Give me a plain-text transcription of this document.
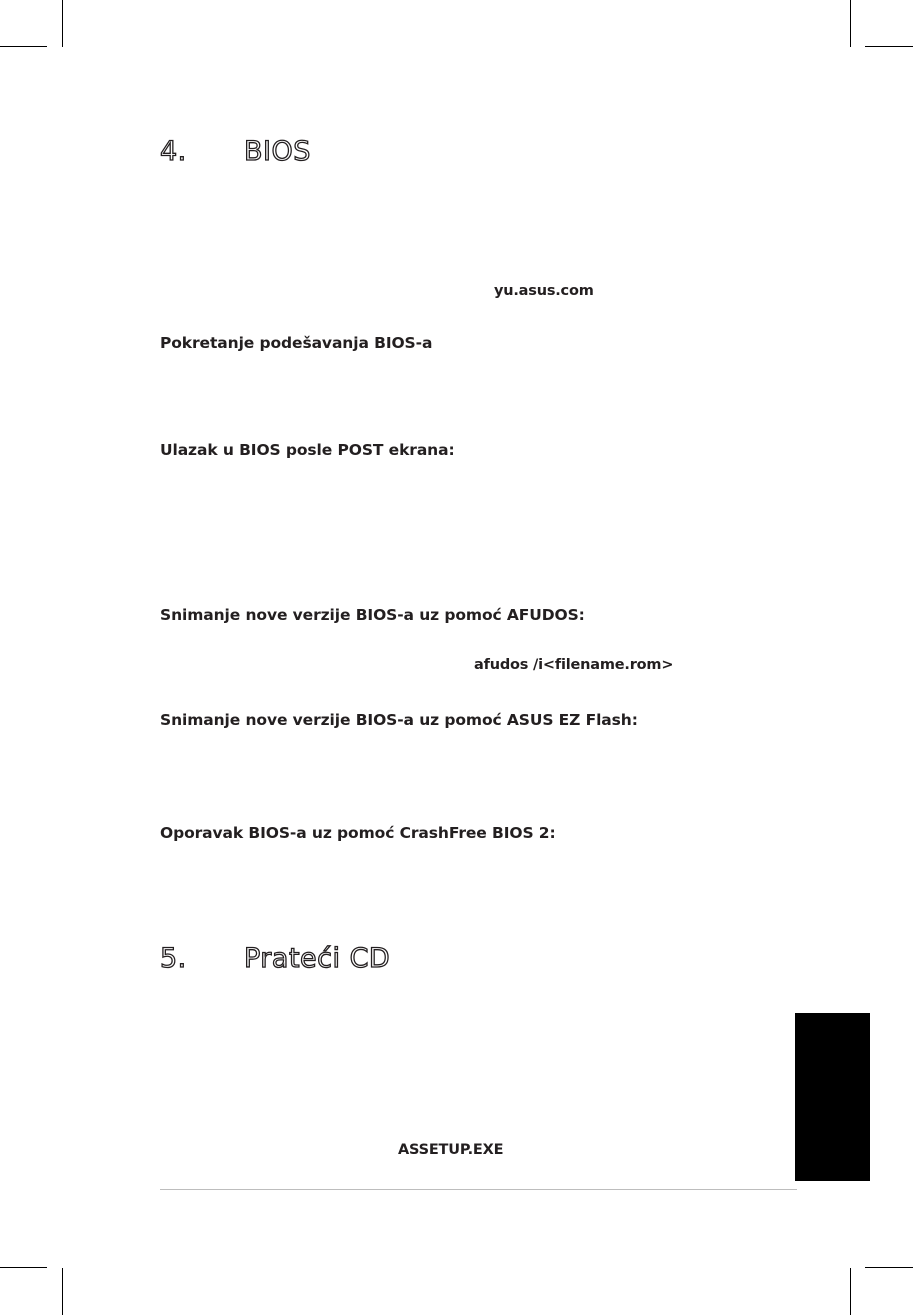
4. BIOS
yu.asus.com
Pokretanje podešavanja BIOS-a
Ulazak u BIOS posle POST ekrana:
Snimanje nove verzije BIOS-a uz pomoć AFUDOS:
afudos /i<filename.rom>
Snimanje nove verzije BIOS-a uz pomoć ASUS EZ Flash:
Oporavak BIOS-a uz pomoć CrashFree BIOS 2:
5. Prateći CD
ASSETUP.EXE
